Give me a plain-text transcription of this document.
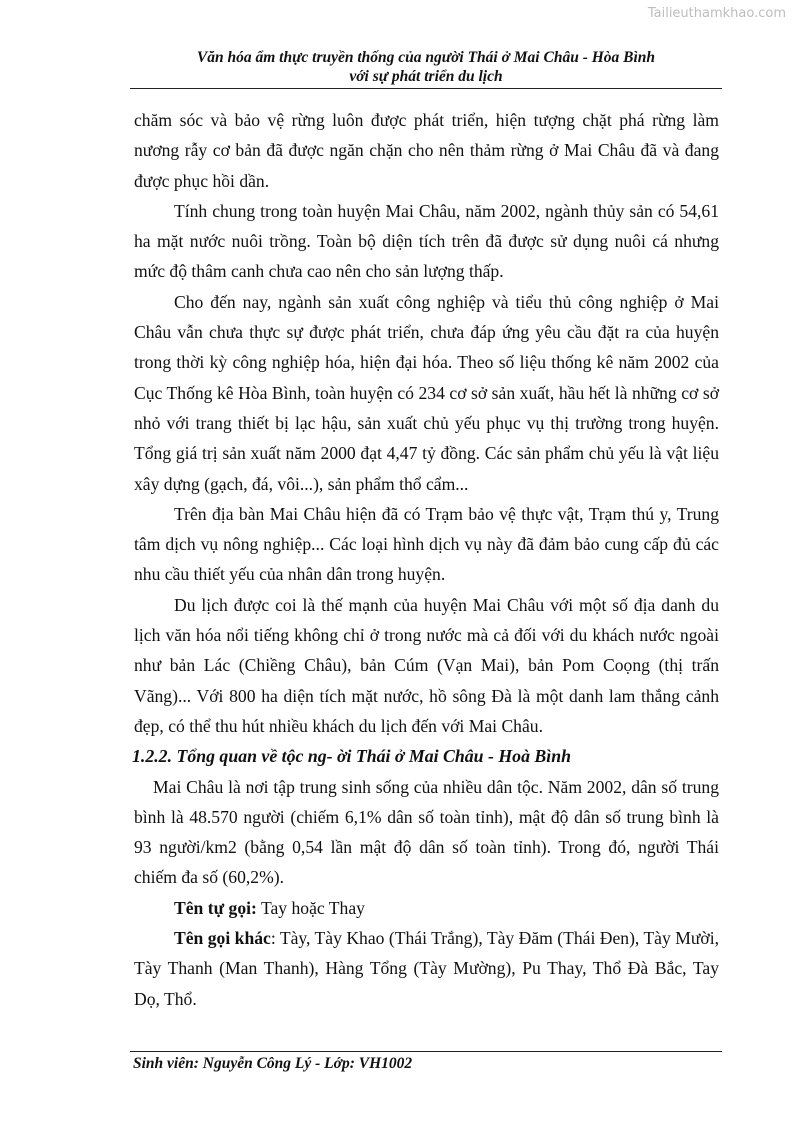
Tailieuthamkhao.com
Văn hóa ẩm thực truyền thống của người Thái ở Mai Châu - Hòa Bình
với sự phát triển du lịch

chăm sóc và bảo vệ rừng luôn được phát triển, hiện tượng chặt phá rừng làm nương rẫy cơ bản đã được ngăn chặn cho nên thảm rừng ở Mai Châu đã và đang được phục hồi dần.

Tính chung trong toàn huyện Mai Châu, năm 2002, ngành thủy sản có 54,61 ha mặt nước nuôi trồng. Toàn bộ diện tích trên đã được sử dụng nuôi cá nhưng mức độ thâm canh chưa cao nên cho sản lượng thấp.

Cho đến nay, ngành sản xuất công nghiệp và tiểu thủ công nghiệp ở Mai Châu vẫn chưa thực sự được phát triển, chưa đáp ứng yêu cầu đặt ra của huyện trong thời kỳ công nghiệp hóa, hiện đại hóa. Theo số liệu thống kê năm 2002 của Cục Thống kê Hòa Bình, toàn huyện có 234 cơ sở sản xuất, hầu hết là những cơ sở nhỏ với trang thiết bị lạc hậu, sản xuất chủ yếu phục vụ thị trường trong huyện. Tổng giá trị sản xuất năm 2000 đạt 4,47 tỷ đồng. Các sản phẩm chủ yếu là vật liệu xây dựng (gạch, đá, vôi...), sản phẩm thổ cẩm...

Trên địa bàn Mai Châu hiện đã có Trạm bảo vệ thực vật, Trạm thú y, Trung tâm dịch vụ nông nghiệp... Các loại hình dịch vụ này đã đảm bảo cung cấp đủ các nhu cầu thiết yếu của nhân dân trong huyện.

Du lịch được coi là thế mạnh của huyện Mai Châu với một số địa danh du lịch văn hóa nổi tiếng không chỉ ở trong nước mà cả đối với du khách nước ngoài như bản Lác (Chiềng Châu), bản Cúm (Vạn Mai), bản Pom Coọng (thị trấn Vãng)... Với 800 ha diện tích mặt nước, hồ sông Đà là một danh lam thắng cảnh đẹp, có thể thu hút nhiều khách du lịch đến với Mai Châu.

1.2.2. Tổng quan về tộc ng- ời Thái ở Mai Châu - Hoà Bình

Mai Châu là nơi tập trung sinh sống của nhiều dân tộc. Năm 2002, dân số trung bình là 48.570 người (chiếm 6,1% dân số toàn tỉnh), mật độ dân số trung bình là 93 người/km2 (bằng 0,54 lần mật độ dân số toàn tỉnh). Trong đó, người Thái chiếm đa số (60,2%).

Tên tự gọi: Tay hoặc Thay

Tên gọi khác: Tày, Tày Khao (Thái Trắng), Tày Đăm (Thái Đen), Tày Mười, Tày Thanh (Man Thanh), Hàng Tổng (Tày Mường), Pu Thay, Thổ Đà Bắc, Tay Dọ, Thổ.

Sinh viên: Nguyễn Công Lý - Lớp: VH1002
